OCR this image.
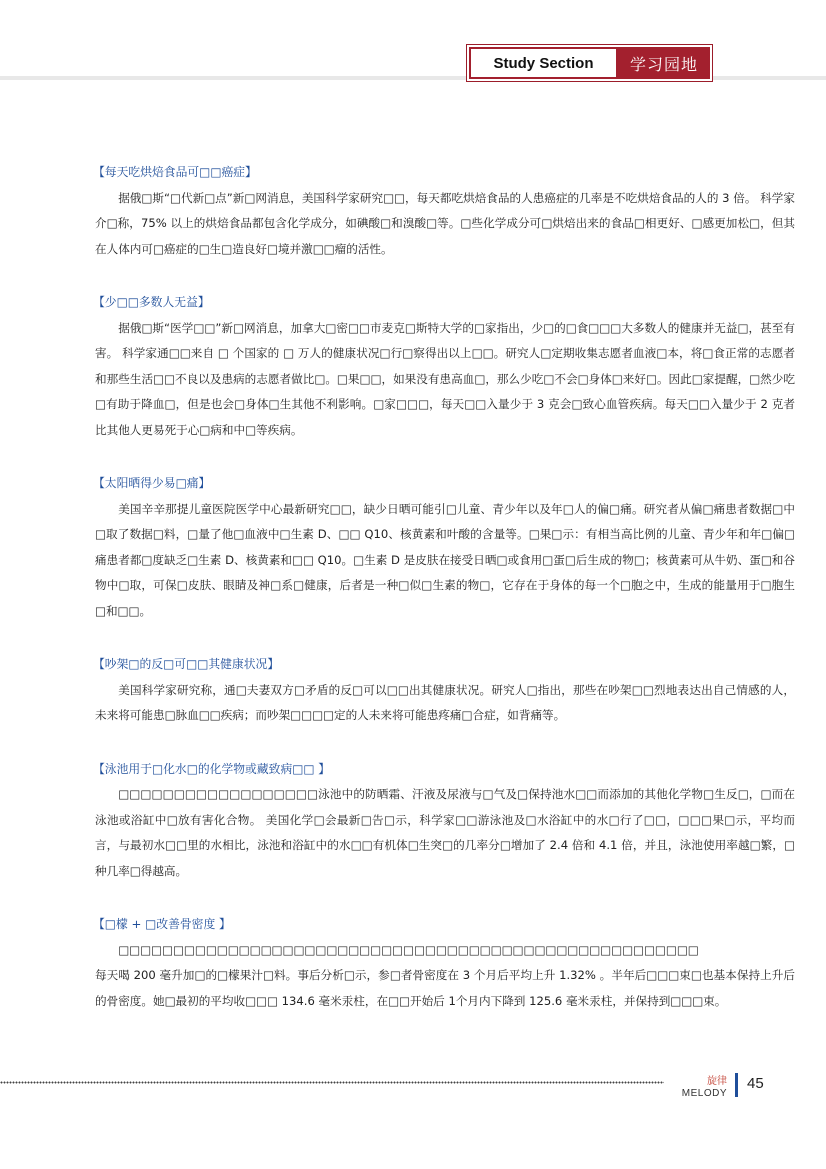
Study Section	学习园地
【每天吃烘焙食品可□□癌症】

据俄□斯“□代新□点”新□网消息，美国科学家研究□□，每天都吃烘焙食品的人患癌症的几率是不吃烘焙食品的人的 3 倍。 科学家介□称，75% 以上的烘焙食品都包含化学成分，如碘酸□和溴酸□等。□些化学成分可□烘焙出来的食品□相更好、□感更加松□，但其在人体内可□癌症的□生□造良好□境并激□□瘤的活性。

【少□□多数人无益】

据俄□斯“医学□□”新□网消息，加拿大□密□□市麦克□斯特大学的□家指出，少□的□食□□□大多数人的健康并无益□，甚至有害。 科学家通□□来自 □ 个国家的 □ 万人的健康状况□行□察得出以上□□。研究人□定期收集志愿者血液□本，将□食正常的志愿者和那些生活□□不良以及患病的志愿者做比□。□果□□，如果没有患高血□，那么少吃□不会□身体□来好□。因此□家提醒，□然少吃□有助于降血□，但是也会□身体□生其他不利影响。□家□□□，每天□□入量少于 3 克会□致心血管疾病。每天□□入量少于 2 克者比其他人更易死于心□病和中□等疾病。

【太阳晒得少易□痛】

美国辛辛那提儿童医院医学中心最新研究□□，缺少日晒可能引□儿童、青少年以及年□人的偏□痛。研究者从偏□痛患者数据□中□取了数据□料，□量了他□血液中□生素 D、□□ Q10、核黄素和叶酸的含量等。□果□示：有相当高比例的儿童、青少年和年□偏□痛患者都□度缺乏□生素 D、核黄素和□□ Q10。□生素 D 是皮肤在接受日晒□或食用□蛋□后生成的物□；核黄素可从牛奶、蛋□和谷物中□取，可保□皮肤、眼睛及神□系□健康，后者是一种□似□生素的物□，它存在于身体的每一个□胞之中，生成的能量用于□胞生□和□□。

【吵架□的反□可□□其健康状况】

美国科学家研究称，通□夫妻双方□矛盾的反□可以□□出其健康状况。研究人□指出，那些在吵架□□烈地表达出自己情感的人，未来将可能患□脉血□□疾病；而吵架□□□□定的人未来将可能患疼痛□合症，如背痛等。

【泳池用于□化水□的化学物或藏致病□□ 】

□□□□□□□□□□□□□□□□□□泳池中的防晒霜、汗液及尿液与□气及□保持池水□□而添加的其他化学物□生反□，□而在泳池或浴缸中□放有害化合物。 美国化学□会最新□告□示，科学家□□游泳池及□水浴缸中的水□行了□□，□□□果□示，平均而言，与最初水□□里的水相比，泳池和浴缸中的水□□有机体□生突□的几率分□增加了 2.4 倍和 4.1 倍，并且，泳池使用率越□繁，□种几率□得越高。

【□檬 + □改善骨密度 】

□□□□□□□□□□□□□□□□□□□□□□□□□□□□□□□□□□□□□□□□□□□□□□□□□□□□□

每天喝 200 毫升加□的□檬果汁□料。事后分析□示，参□者骨密度在 3 个月后平均上升 1.32% 。半年后□□□束□也基本保持上升后的骨密度。她□最初的平均收□□□ 134.6 毫米汞柱，在□□开始后 1个月内下降到 125.6 毫米汞柱，并保持到□□□束。

旋律
MELODY
45
